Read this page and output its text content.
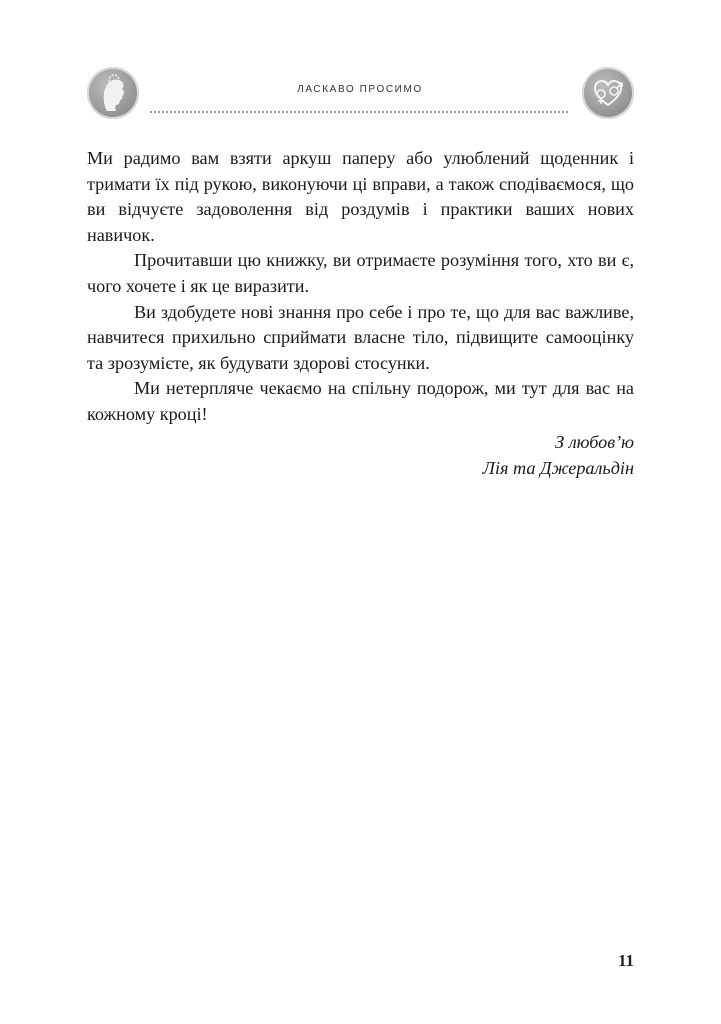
ЛАСКАВО ПРОСИМО

Ми радимо вам взяти аркуш паперу або улюблений щоденник і тримати їх під рукою, виконуючи ці вправи, а також сподіваємося, що ви відчуєте задоволення від роздумів і практики ваших нових навичок.

Прочитавши цю книжку, ви отримаєте розуміння того, хто ви є, чого хочете і як це виразити.

Ви здобудете нові знання про себе і про те, що для вас важливе, навчитеся прихильно сприймати власне тіло, підвищите самооцінку та зрозумієте, як будувати здорові стосунки.

Ми нетерпляче чекаємо на спільну подорож, ми тут для вас на кожному кроці!

З любов’ю
Лія та Джеральдін
11
